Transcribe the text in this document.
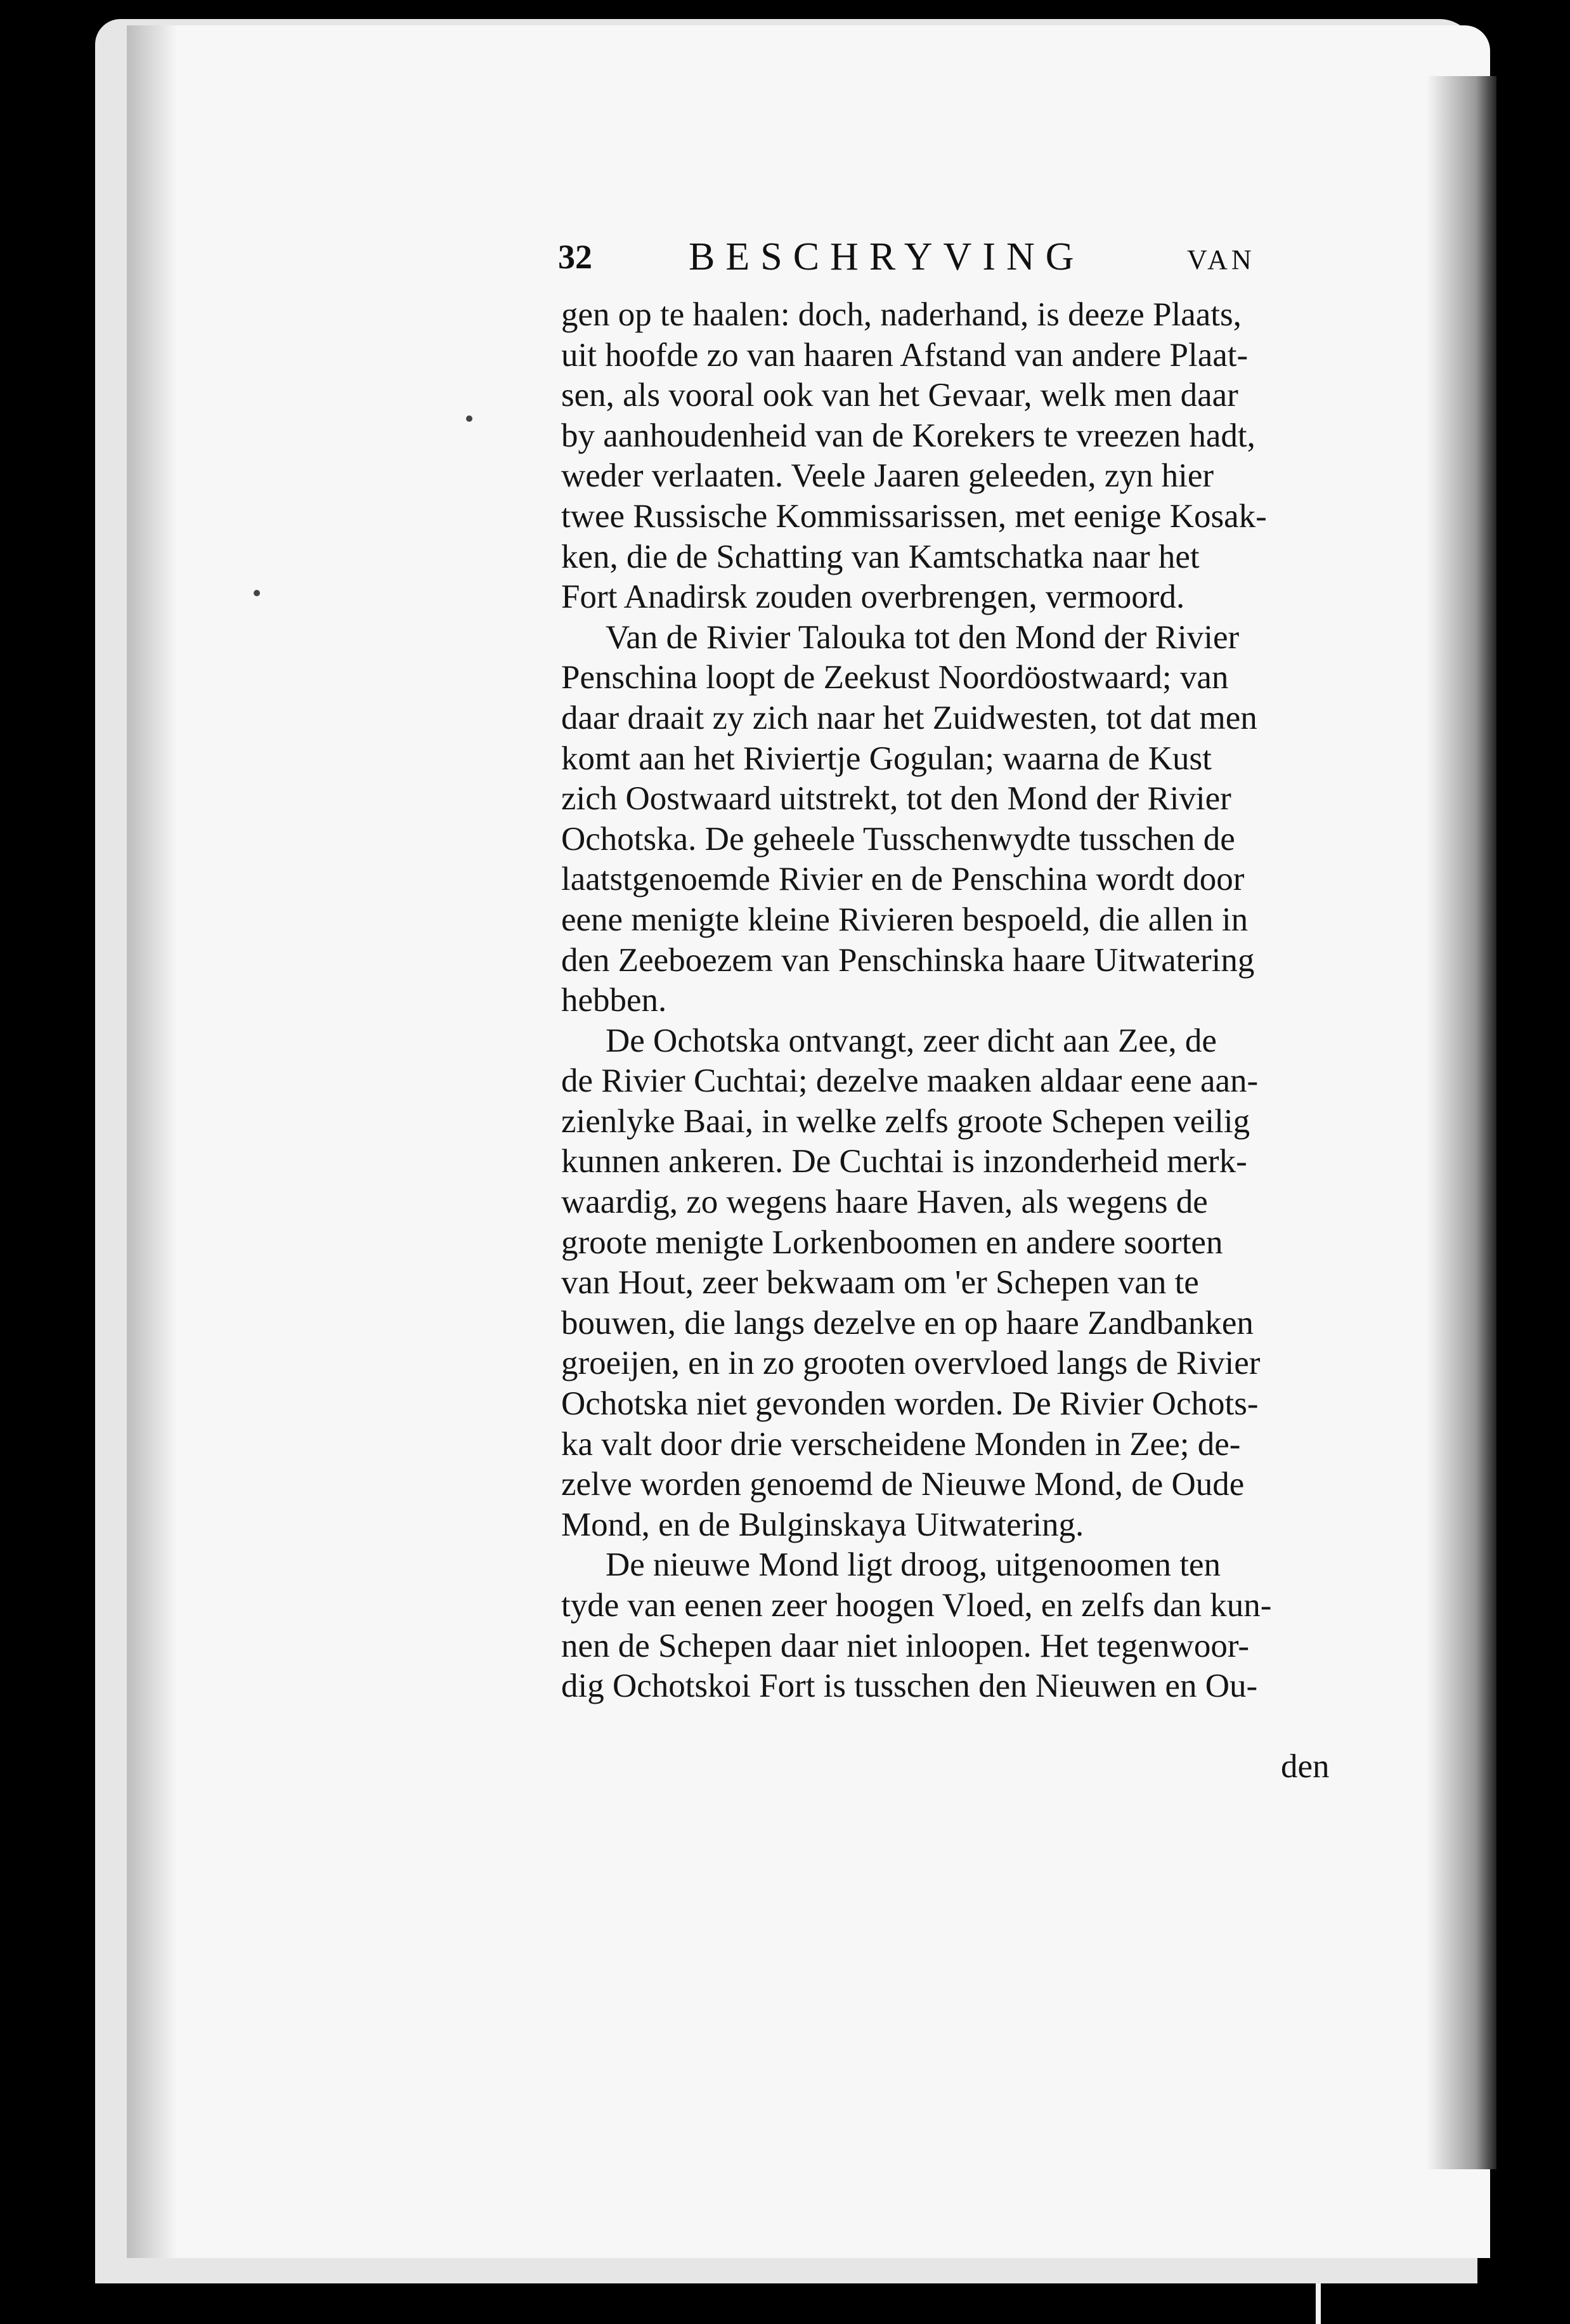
32 BESCHRYVING	VAN
gen op te haalen: doch, naderhand, is deeze Plaats,
uit hoofde zo van haaren Afstand van andere Plaat-
sen, als vooral ook van het Gevaar, welk men daar
by aanhoudenheid van de Korekers te vreezen hadt,
weder verlaaten. Veele Jaaren geleeden, zyn hier
twee Russische Kommissarissen, met eenige Kosak-
ken, die de Schatting van Kamtschatka naar het
Fort Anadirsk zouden overbrengen, vermoord.
Van de Rivier Talouka tot den Mond der Rivier
Penschina loopt de Zeekust Noordöostwaard; van
daar draait zy zich naar het Zuidwesten, tot dat men
komt aan het Riviertje Gogulan; waarna de Kust
zich Oostwaard uitstrekt, tot den Mond der Rivier
Ochotska. De geheele Tusschenwydte tusschen de
laatstgenoemde Rivier en de Penschina wordt door
eene menigte kleine Rivieren bespoeld, die allen in
den Zeeboezem van Penschinska haare Uitwatering
hebben.
De Ochotska ontvangt, zeer dicht aan Zee, de
de Rivier Cuchtai; dezelve maaken aldaar eene aan-
zienlyke Baai, in welke zelfs groote Schepen veilig
kunnen ankeren. De Cuchtai is inzonderheid merk-
waardig, zo wegens haare Haven, als wegens de
groote menigte Lorkenboomen en andere soorten
van Hout, zeer bekwaam om 'er Schepen van te
bouwen, die langs dezelve en op haare Zandbanken
groeijen, en in zo grooten overvloed langs de Rivier
Ochotska niet gevonden worden. De Rivier Ochots-
ka valt door drie verscheidene Monden in Zee; de-
zelve worden genoemd de Nieuwe Mond, de Oude
Mond, en de Bulginskaya Uitwatering.
De nieuwe Mond ligt droog, uitgenoomen ten
tyde van eenen zeer hoogen Vloed, en zelfs dan kun-
nen de Schepen daar niet inloopen. Het tegenwoor-
dig Ochotskoi Fort is tusschen den Nieuwen en Ou-
den
